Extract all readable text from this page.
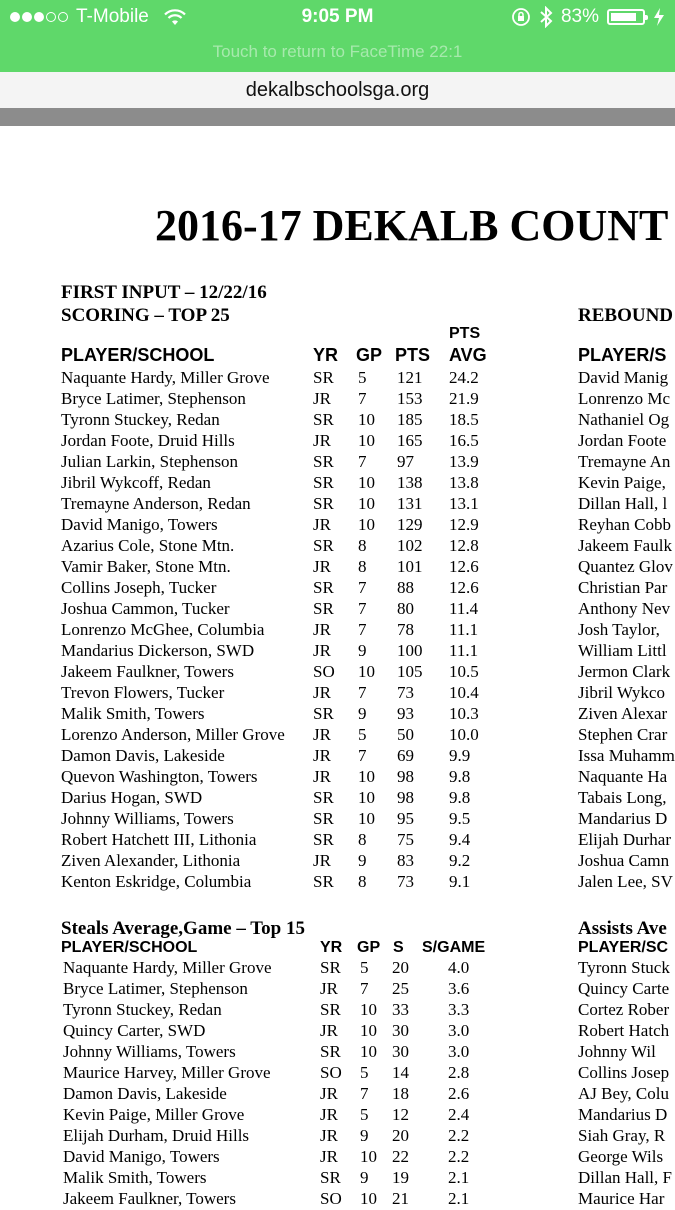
T-Mobile	9:05 PM	83%
Touch to return to FaceTime 22:1
dekalbschoolsga.org
2016-17 DEKALB COUNT
FIRST INPUT – 12/22/16
SCORING – TOP 25	REBOUND
PTS
PLAYER/SCHOOL	YR GP PTS AVG	PLAYER/S
Naquante Hardy, Miller Grove	SR 5 121 24.2
Bryce Latimer, Stephenson	JR 7 153 21.9
Tyronn Stuckey, Redan	SR 10 185 18.5
Jordan Foote, Druid Hills	JR 10 165 16.5
Julian Larkin, Stephenson	SR 7 97 13.9
Jibril Wykcoff, Redan	SR 10 138 13.8
Tremayne Anderson, Redan	SR 10 131 13.1
David Manigo, Towers	JR 10 129 12.9
Azarius Cole, Stone Mtn.	SR 8 102 12.8
Vamir Baker, Stone Mtn.	JR 8 101 12.6
Collins Joseph, Tucker	SR 7 88 12.6
Joshua Cammon, Tucker	SR 7 80 11.4
Lonrenzo McGhee, Columbia	JR 7 78 11.1
Mandarius Dickerson, SWD	JR 9 100 11.1
Jakeem Faulkner, Towers	SO 10 105 10.5
Trevon Flowers, Tucker	JR 7 73 10.4
Malik Smith, Towers	SR 9 93 10.3
Lorenzo Anderson, Miller Grove JR 5 50 10.0
Damon Davis, Lakeside	JR 7 69 9.9
Quevon Washington, Towers	JR 10 98 9.8
Darius Hogan, SWD	SR 10 98 9.8
Johnny Williams, Towers	SR 10 95 9.5
Robert Hatchett III, Lithonia	SR 8 75 9.4
Ziven Alexander, Lithonia	JR 9 83 9.2
Kenton Eskridge, Columbia	SR 8 73 9.1
David Manig
Lonrenzo Mc
Nathaniel Og
Jordan Foote
Tremayne An
Kevin Paige,
Dillan Hall, l
Reyhan Cobb
Jakeem Faulk
Quantez Glov
Christian Par
Anthony Nev
Josh Taylor,
William Littl
Jermon Clark
Jibril Wykco
Ziven Alexar
Stephen Crar
Issa Muhamm
Naquante Ha
Tabais Long,
Mandarius D
Elijah Durhar
Joshua Camn
Jalen Lee, SV
Steals Average,Game – Top 15	Assists Ave
PLAYER/SCHOOL	YR GP S S/GAME	PLAYER/SC
Naquante Hardy, Miller Grove	SR 5 20 4.0
Bryce Latimer, Stephenson	JR 7 25 3.6
Tyronn Stuckey, Redan	SR 10 33 3.3
Quincy Carter, SWD	JR 10 30 3.0
Johnny Williams, Towers	SR 10 30 3.0
Maurice Harvey, Miller Grove	SO 5 14 2.8
Damon Davis, Lakeside	JR 7 18 2.6
Kevin Paige, Miller Grove	JR 5 12 2.4
Elijah Durham, Druid Hills	JR 9 20 2.2
David Manigo, Towers	JR 10 22 2.2
Malik Smith, Towers	SR 9 19 2.1
Jakeem Faulkner, Towers	SO 10 21 2.1
Tyronn Stuck
Quincy Carte
Cortez Rober
Robert Hatch
Johnny Wil
Collins Josep
AJ Bey, Colu
Mandarius D
Siah Gray, R
George Wils
Dillan Hall, F
Maurice Har
